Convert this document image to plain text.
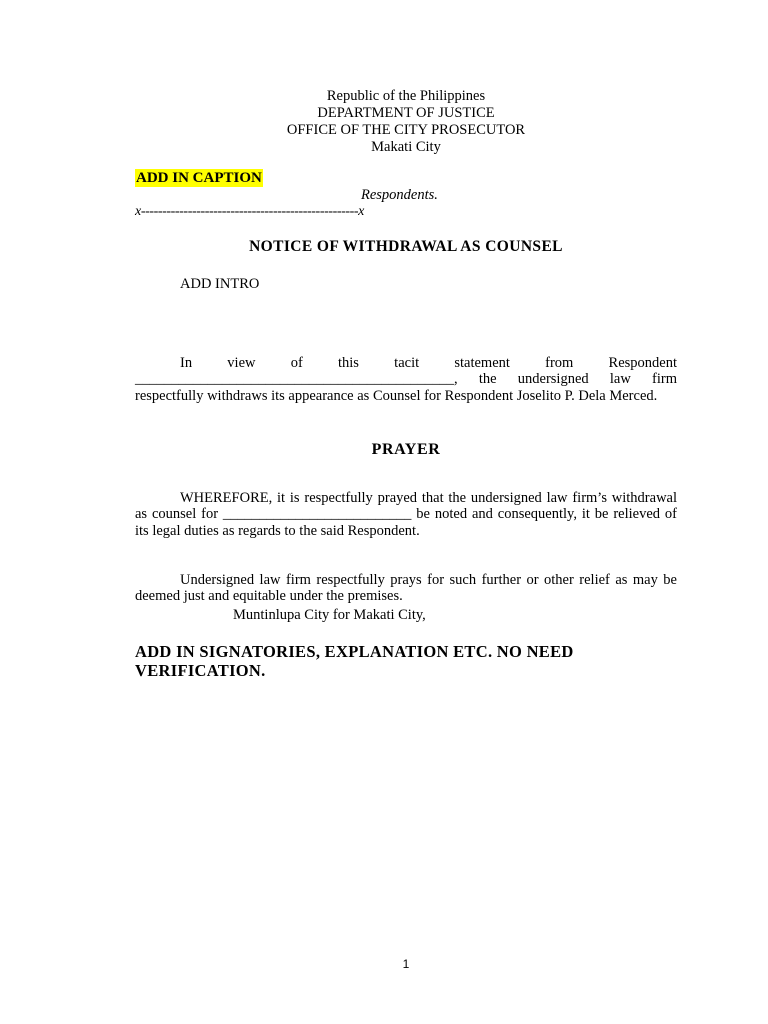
Republic of the Philippines
DEPARTMENT OF JUSTICE
OFFICE OF THE CITY PROSECUTOR
Makati City
ADD IN CAPTION
Respondents.
x---------------------------------------------------x
NOTICE OF WITHDRAWAL AS COUNSEL
ADD INTRO

In view of this tacit statement from Respondent ____________________________________________, the undersigned law firm respectfully withdraws its appearance as Counsel for Respondent Joselito P. Dela Merced.

PRAYER

WHEREFORE, it is respectfully prayed that the undersigned law firm’s withdrawal as counsel for __________________________ be noted and consequently, it be relieved of its legal duties as regards to the said Respondent.

Undersigned law firm respectfully prays for such further or other relief as may be deemed just and equitable under the premises.

Muntinlupa City for Makati City,
ADD IN SIGNATORIES, EXPLANATION ETC. NO NEED VERIFICATION.
1
